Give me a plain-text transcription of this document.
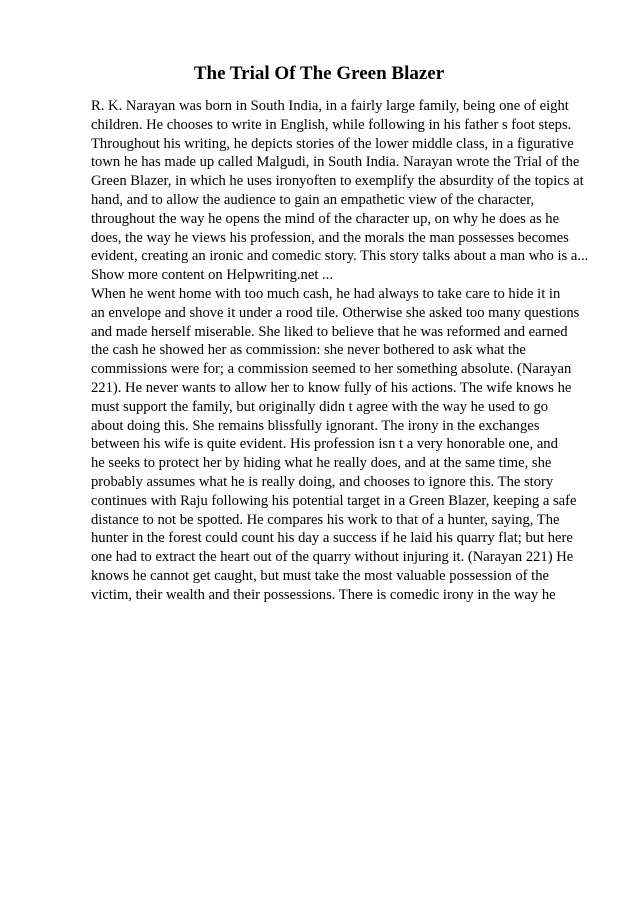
The Trial Of The Green Blazer
R. K. Narayan was born in South India, in a fairly large family, being one of eight
children. He chooses to write in English, while following in his father s foot steps.
Throughout his writing, he depicts stories of the lower middle class, in a figurative
town he has made up called Malgudi, in South India. Narayan wrote the Trial of the
Green Blazer, in which he uses ironyoften to exemplify the absurdity of the topics at
hand, and to allow the audience to gain an empathetic view of the character,
throughout the way he opens the mind of the character up, on why he does as he
does, the way he views his profession, and the morals the man possesses becomes
evident, creating an ironic and comedic story. This story talks about a man who is a...
Show more content on Helpwriting.net ...
When he went home with too much cash, he had always to take care to hide it in
an envelope and shove it under a rood tile. Otherwise she asked too many questions
and made herself miserable. She liked to believe that he was reformed and earned
the cash he showed her as commission: she never bothered to ask what the
commissions were for; a commission seemed to her something absolute. (Narayan
221). He never wants to allow her to know fully of his actions. The wife knows he
must support the family, but originally didn t agree with the way he used to go
about doing this. She remains blissfully ignorant. The irony in the exchanges
between his wife is quite evident. His profession isn t a very honorable one, and
he seeks to protect her by hiding what he really does, and at the same time, she
probably assumes what he is really doing, and chooses to ignore this. The story
continues with Raju following his potential target in a Green Blazer, keeping a safe
distance to not be spotted. He compares his work to that of a hunter, saying, The
hunter in the forest could count his day a success if he laid his quarry flat; but here
one had to extract the heart out of the quarry without injuring it. (Narayan 221) He
knows he cannot get caught, but must take the most valuable possession of the
victim, their wealth and their possessions. There is comedic irony in the way he
